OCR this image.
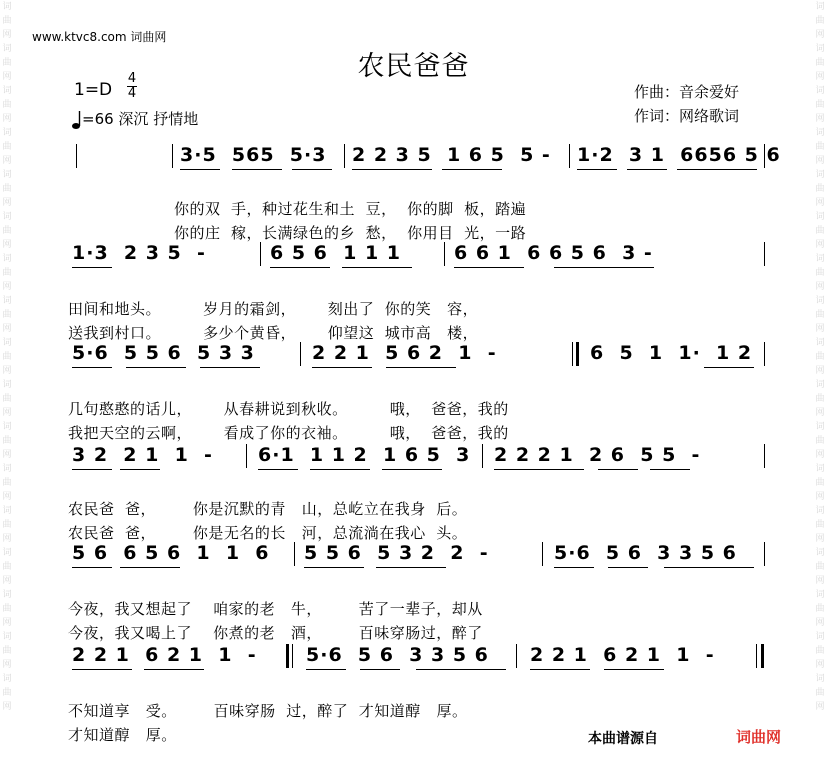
词曲网词曲网词曲网词曲网词曲网词曲网词曲网词曲网词曲网词曲网词曲网词曲网词曲网词曲网词曲网词曲网词曲网
词曲网词曲网词曲网词曲网词曲网词曲网词曲网词曲网词曲网词曲网词曲网词曲网词曲网词曲网词曲网词曲网词曲网
www.ktvc8.com 词曲网
农民爸爸
1=D
4
4
=66 深沉 抒情地
作曲：音余爱好
作词：网络歌词
3·5  565  5·3 2 2 3 5  1 6 5  5 - 1·2  3 1  6656 5 6

你的双  手，种过花生和土  豆，  你的脚  板，踏遍

你的庄  稼，长满绿色的乡  愁，  你用目  光，一路

1·3  2 3 5  -	6 5 6  1 1 1	6 6 1  6 6 5 6  3 -

田间和地头。        岁月的霜剑，      刻出了  你的笑   容，

送我到村口。        多少个黄昏，      仰望这  城市高   楼，

5·6  5 5 6  5 3 3	2 2 1  5 6 2  1  -	6  5  1  1·  1 2

几句憨憨的话儿，      从春耕说到秋收。        哦，  爸爸，我的

我把天空的云啊，      看成了你的衣袖。        哦，  爸爸，我的

3 2  2 1  1  - 6·1  1 1 2  1 6 5  3 2 2 2 1  2 6  5 5  -

农民爸  爸，       你是沉默的青   山，总屹立在我身  后。

农民爸  爸，       你是无名的长   河，总流淌在我心  头。

5 6  6 5 6  1  1  6 5 5 6  5 3 2  2  -	5·6  5 6  3 3 5 6

今夜，我又想起了    咱家的老   牛，       苦了一辈子，却从

今夜，我又喝上了    你煮的老   酒，       百味穿肠过，醉了

2 2 1  6 2 1  1  -	5·6  5 6  3 3 5 6 2 2 1  6 2 1  1  -

不知道享   受。       百味穿肠  过，醉了  才知道醇   厚。

才知道醇   厚。	本曲谱源自	词曲网
